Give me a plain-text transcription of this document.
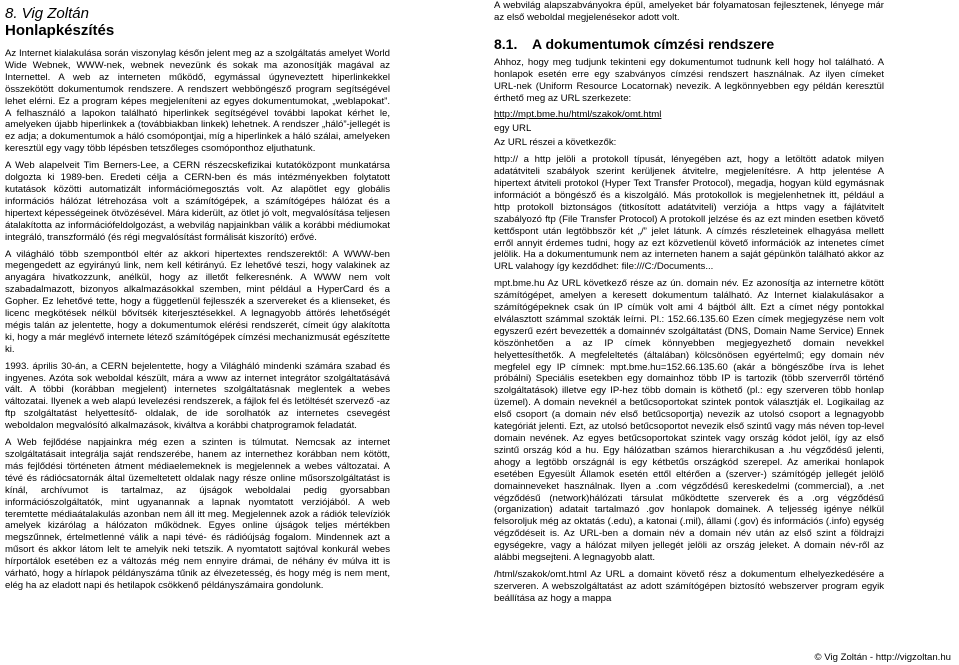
8. Vig Zoltán
Honlapkészítés

Az Internet kialakulása során viszonylag későn jelent meg az a szolgáltatás amelyet World Wide Webnek, WWW-nek, webnek nevezünk és sokak ma azonosítják magával az Internettel. A web az interneten működő, egymással úgyneveztett hiperlinkekkel összekötött dokumentumok rendszere. A rendszert webböngésző program segítségével lehet elérni. Ez a program képes megjeleníteni az egyes dokumentumokat, „weblapokat”. A felhasználó a lapokon található hiperlinkek segítségével további lapokat kérhet le, amelyeken újabb hiperlinkek a (továbbiakban linkek) lehetnek. A rendszer „háló”-jellegét is ez adja; a dokumentumok a háló csomópontjai, míg a hiperlinkek a háló szálai, amelyeken keresztül egy vagy több lépésben tetszőleges csomóponthoz eljuthatunk.

A Web alapelveit Tim Berners-Lee, a CERN részecskefizikai kutatóközpont munkatársa dolgozta ki 1989-ben. Eredeti célja a CERN-ben és más intézményekben folytatott kutatások közötti automatizált információmegosztás volt. Az alapötlet egy globális információs hálózat létrehozása volt a számítógépek, a számítógépes hálózat és a hipertext képességeinek ötvözésével. Mára kiderült, az ötlet jó volt, megvalósítása teljesen átalakította az információfeldolgozást, a webvilág napjainkban válik a korábbi médiumokat integráló, transzformáló (és régi megvalósítást formálisát kiszorító) erővé.

A világháló több szempontból eltér az akkori hipertextes rendszerektől: A WWW-ben megengedett az egyirányú link, nem kell kétirányú. Ez lehetővé teszi, hogy valakinek az anyagára hivatkozzunk, anélkül, hogy az illetőt felkeresnénk. A WWW nem volt szabadalmazott, bizonyos alkalmazásokkal szemben, mint például a HyperCard és a Gopher. Ez lehetővé tette, hogy a függetlenül fejlesszék a szervereket és a klienseket, és licenc megkötések nélkül bővítsék kiterjesztésekkel. A legnagyobb áttörés lehetőségét mégis talán az jelentette, hogy a dokumentumok elérési rendszerét, címeit úgy alakította ki, hogy a már meglévő internete létező számítógépek címzési mechanizmusát egészítette ki.

1993. április 30-án, a CERN bejelentette, hogy a Világháló mindenki számára szabad és ingyenes. Azóta sok weboldal készült, mára a www az internet integrátor szolgáltatásává vált. A többi (korábban megjelent) internetes szolgáltatásnak meglentek a webes változatai. Ilyenek a web alapú levelezési rendszerek, a fájlok fel és letöltését szervező -az ftp szolgáltatást helyettesítő- oldalak, de ide sorolhatók az internetes csevegést weboldalon megvalósító alkalmazások, kiváltva a korábbi chatprogramok feladatát.

A Web fejlődése napjainkra még ezen a szinten is túlmutat. Nemcsak az internet szolgáltatásait integrálja saját rendszerébe, hanem az internethez korábban nem kötött, más fejlődési történeten átment médiaelemeknek is megjelennek a webes változatai. A tévé és rádiócsatornák által üzemeltetett oldalak nagy része online műsorszolgáltatást is kínál, archívumot is tartalmaz, az újságok weboldalai pedig gyorsabban információszolgáltatók, mint ugyanannak a lapnak nyomtatott verziójából. A web teremtette médiaátalakulás azonban nem áll itt meg. Megjelennek azok a rádiók televíziók amelyek kizárólag a hálózaton működnek. Egyes online újságok teljes mértékben megszűnnek, értelmetlenné válik a napi tévé- és rádióújság fogalom. Mindennek azt a műsort és akkor látom lelt te amelyik neki tetszik. A nyomtatott sajtóval konkurál webes hírportálok esetében ez a változás még nem ennyire drámai, de néhány év múlva itt is várható, hogy a hírlapok példányszáma tűnik az élvezetesség, és hogy még is nem ment, elég ha az eladott napi és hetilapok csökkenő példányszámaira gondolunk.

A webvilág alapszabványokra épül, amelyeket bár folyamatosan fejlesztenek, lényege már az első weboldal megjelenésekor adott volt.

8.1. A dokumentumok címzési rendszere

Ahhoz, hogy meg tudjunk tekinteni egy dokumentumot tudnunk kell hogy hol található. A honlapok esetén erre egy szabványos címzési rendszert használnak. Az ilyen címeket URL-nek (Uniform Resource Locatornak) nevezik. A legkönnyebben egy példán keresztül érthető meg az URL szerkezete:

http://mpt.bme.hu/html/szakok/omt.html
egy URL

Az URL részei a következők:

http:// a http jelöli a protokoll típusát, lényegében azt, hogy a letöltött adatok milyen adatátviteli szabályok szerint kerüljenek átvitelre, megjelenítésre. A http jelentése A hipertext átviteli protokol (Hyper Text Transfer Protocol), megadja, hogyan küld egymásnak információt a böngésző és a kiszolgáló. Más protokollok is megjelenhetnek itt, például a http protokoll biztonságos (titkosított adatátviteli) verziója a https vagy a fájlátvitelt szabályozó ftp (File Transfer Protocol) A protokoll jelzése és az ezt minden esetben követő kettőspont után legtöbbször két „/” jelet látunk. A címzés részleteinek elhagyása mellett erről annyit érdemes tudni, hogy az ezt közvetlenül követő információk az intenetes címet jelölik. Ha a dokumentumunk nem az interneten hanem a saját gépünkön található akkor az URL valahogy így kezdődhet: file:///C:/Documents...

mpt.bme.hu Az URL következő része az ún. domain név. Ez azonosítja az internetre kötött számítógépet, amelyen a keresett dokumentum található. Az Internet kialakulásakor a számítógépeknek csak ún IP címük volt ami 4 bájtból állt. Ezt a címet négy pontokkal elválasztott számmal szokták leírni. Pl.: 152.66.135.60 Ezen címek megjegyzése nem volt egyszerű ezért bevezették a domainnév szolgáltatást (DNS, Domain Name Service) Ennek köszönhetően a az IP címek könnyebben megjegyezhető domain nevekkel helyettesíthetők. A megfeleltetés (általában) kölcsönösen egyértelmű; egy domain név megfelel egy IP címnek: mpt.bme.hu=152.66.135.60 (akár a böngészőbe írva is lehet próbálni) Speciális esetekben egy domainhoz több IP is tartozik (több szerverről történő szolgáltatások) illetve egy IP-hez több domain is köthető (pl.: egy szerveren több honlap üzemel). A domain neveknél a betűcsoportokat szintek pontok választják el. Logikailag az első csoport (a domain név első betűcsoportja) nevezik az utolsó csoport a legnagyobb kategóriát jelenti. Ezt, az utolsó betűcsoportot nevezik első szintű vagy más néven top-level domain nevének. Az egyes betűcsoportokat szintek vagy ország kódot jelöl, így az első szintű ország kód a hu. Egy hálózatban számos hierarchikusan a .hu végződésű jelenti, ahogy a legtöbb országnál is egy kétbetűs országkód szerepel. Az amerikai honlapok esetében Egyesült Államok esetén ettől eltérően a (szerver-) számítógép jellegét jelölő domainneveket használnak. Ilyen a .com végződésű kereskedelmi (commercial), a .net végződésű (network)hálózati társulat működtette szerverek és a .org végződésű (organization) adatait tartalmazó .gov honlapok domainek. A teljesség igénye nélkül felsoroljuk még az oktatás (.edu), a katonai (.mil), állami (.gov) és információs (.info) egység végződéseit is. Az URL-ben a domain név a domain név után az első szint a földrajzi egységekre, vagy a hálózat milyen jellegét jelöli az ország jeleket. A domain név-ről az alábbi megsejteni. A legnagyobb alatt.

/html/szakok/omt.html Az URL a domaint követő rész a dokumentum elhelyezkedésére a szerveren. A webszolgáltatást az adott számítógépen biztosító webszerver program egyik beállítása az hogy a mappa

© Vig Zoltán - http://vigzoltan.hu
